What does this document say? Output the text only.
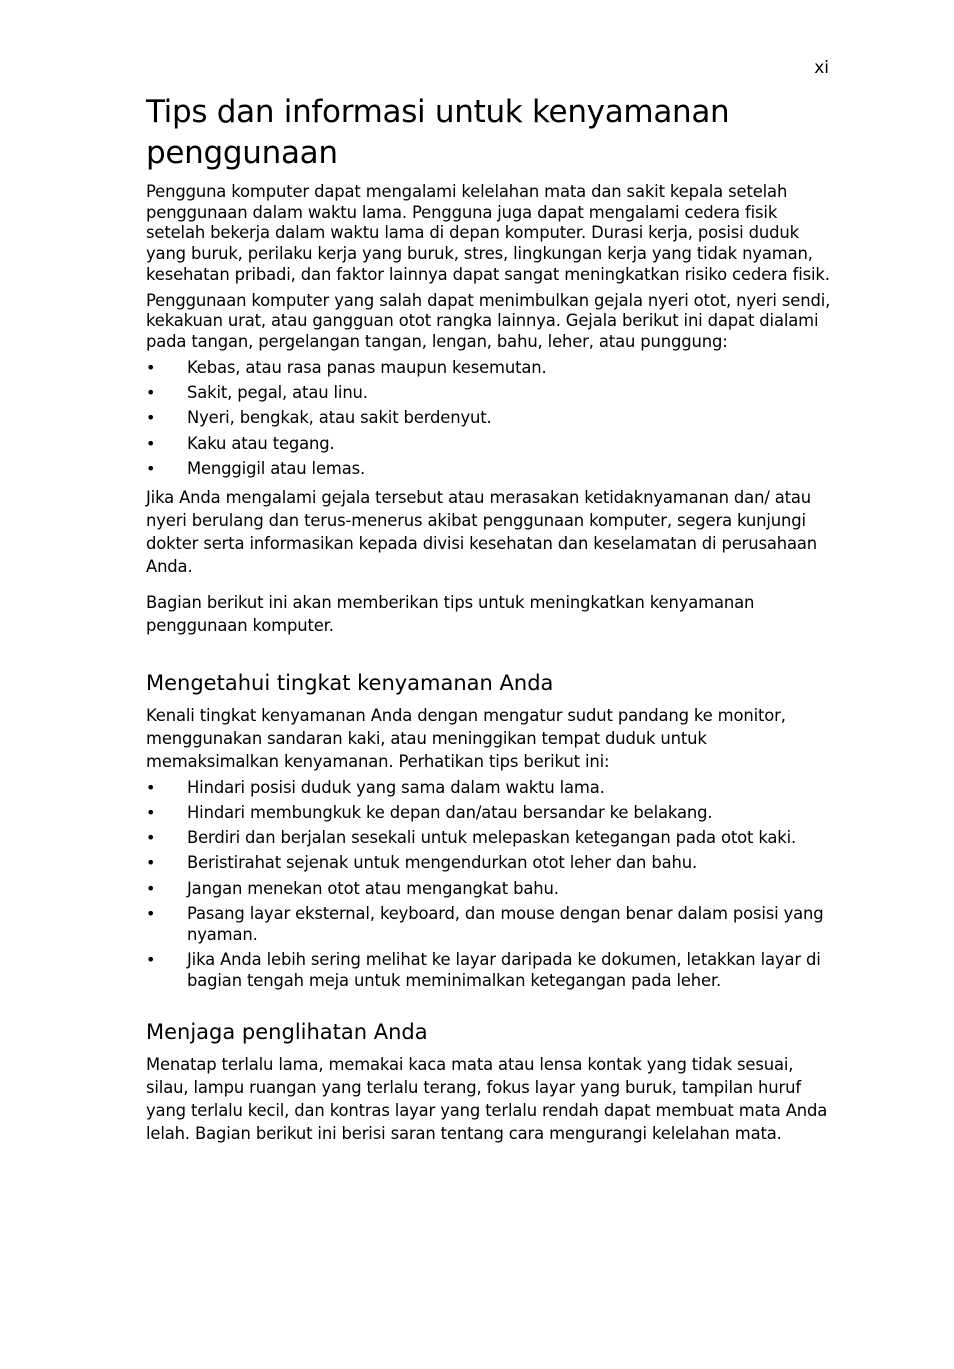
xi
Tips dan informasi untuk kenyamanan penggunaan

Pengguna komputer dapat mengalami kelelahan mata dan sakit kepala setelah penggunaan dalam waktu lama. Pengguna juga dapat mengalami cedera fisik setelah bekerja dalam waktu lama di depan komputer. Durasi kerja, posisi duduk yang buruk, perilaku kerja yang buruk, stres, lingkungan kerja yang tidak nyaman, kesehatan pribadi, dan faktor lainnya dapat sangat meningkatkan risiko cedera fisik.

Penggunaan komputer yang salah dapat menimbulkan gejala nyeri otot, nyeri sendi, kekakuan urat, atau gangguan otot rangka lainnya. Gejala berikut ini dapat dialami pada tangan, pergelangan tangan, lengan, bahu, leher, atau punggung:

•	Kebas, atau rasa panas maupun kesemutan.
•	Sakit, pegal, atau linu.
•	Nyeri, bengkak, atau sakit berdenyut.
•	Kaku atau tegang.
•	Menggigil atau lemas.

Jika Anda mengalami gejala tersebut atau merasakan ketidaknyamanan dan/ atau nyeri berulang dan terus-menerus akibat penggunaan komputer, segera kunjungi dokter serta informasikan kepada divisi kesehatan dan keselamatan di perusahaan Anda.

Bagian berikut ini akan memberikan tips untuk meningkatkan kenyamanan penggunaan komputer.

Mengetahui tingkat kenyamanan Anda

Kenali tingkat kenyamanan Anda dengan mengatur sudut pandang ke monitor, menggunakan sandaran kaki, atau meninggikan tempat duduk untuk memaksimalkan kenyamanan. Perhatikan tips berikut ini:

•	Hindari posisi duduk yang sama dalam waktu lama.
•	Hindari membungkuk ke depan dan/atau bersandar ke belakang.
•	Berdiri dan berjalan sesekali untuk melepaskan ketegangan pada otot kaki.
•	Beristirahat sejenak untuk mengendurkan otot leher dan bahu.
•	Jangan menekan otot atau mengangkat bahu.
•	Pasang layar eksternal, keyboard, dan mouse dengan benar dalam posisi yang nyaman.
•	Jika Anda lebih sering melihat ke layar daripada ke dokumen, letakkan layar di bagian tengah meja untuk meminimalkan ketegangan pada leher.
Menjaga penglihatan Anda

Menatap terlalu lama, memakai kaca mata atau lensa kontak yang tidak sesuai, silau, lampu ruangan yang terlalu terang, fokus layar yang buruk, tampilan huruf yang terlalu kecil, dan kontras layar yang terlalu rendah dapat membuat mata Anda lelah. Bagian berikut ini berisi saran tentang cara mengurangi kelelahan mata.
